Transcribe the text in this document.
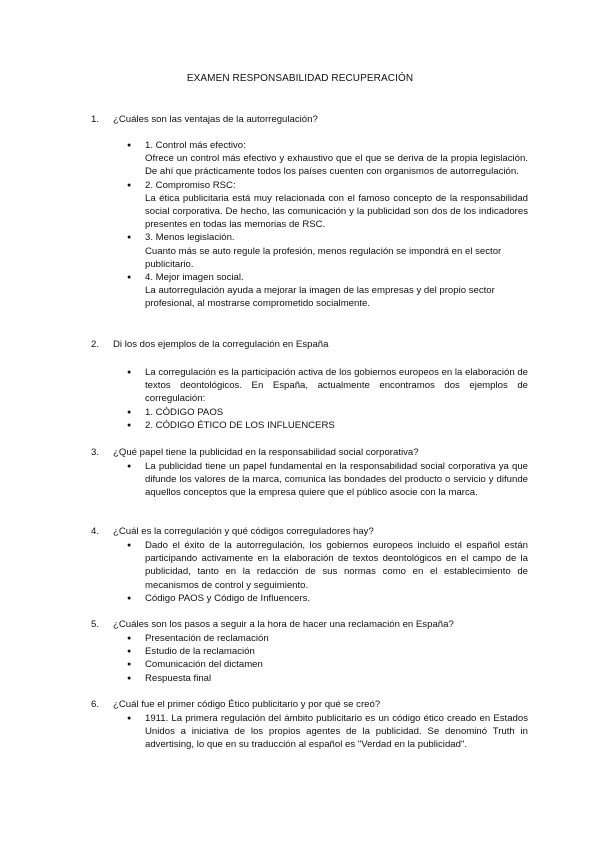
EXAMEN RESPONSABILIDAD RECUPERACIÓN
1. ¿Cuáles son las ventajas de la autorregulación?
● 1. Control más efectivo:
Ofrece un control más efectivo y exhaustivo que el que se deriva de la propia legislación. De ahí que prácticamente todos los países cuenten con organismos de autorregulación.
● 2. Compromiso RSC:
La ética publicitaria está muy relacionada con el famoso concepto de la responsabilidad social corporativa. De hecho, las comunicación y la publicidad son dos de los indicadores presentes en todas las memorias de RSC.
● 3. Menos legislación.
Cuanto más se auto regule la profesión, menos regulación se impondrá en el sector publicitario.
● 4. Mejor imagen social.
La autorregulación ayuda a mejorar la imagen de las empresas y del propio sector profesional, al mostrarse comprometido socialmente.
2. Di los dos ejemplos de la corregulación en España
● La corregulación es la participación activa de los gobiernos europeos en la elaboración de textos deontológicos. En España, actualmente encontramos dos ejemplos de corregulación:
● 1. CÓDIGO PAOS
● 2. CÓDIGO ÉTICO DE LOS INFLUENCERS
3. ¿Qué papel tiene la publicidad en la responsabilidad social corporativa?
● La publicidad tiene un papel fundamental en la responsabilidad social corporativa ya que difunde los valores de la marca, comunica las bondades del producto o servicio y difunde aquellos conceptos que la empresa quiere que el público asocie con la marca.
4. ¿Cuál es la corregulación y qué códigos correguladores hay?
● Dado el éxito de la autorregulación, los gobiernos europeos incluido el español están participando activamente en la elaboración de textos deontológicos en el campo de la publicidad, tanto en la redacción de sus normas como en el establecimiento de mecanismos de control y seguimiento.
● Código PAOS y Código de Influencers.
5. ¿Cuáles son los pasos a seguir a la hora de hacer una reclamación en España?
● Presentación de reclamación
● Estudio de la reclamación
● Comunicación del dictamen
● Respuesta final
6. ¿Cuál fue el primer código Ético publicitario y por qué se creó?
● 1911. La primera regulación del ámbito publicitario es un código ético creado en Estados Unidos a iniciativa de los propios agentes de la publicidad. Se denominó Truth in advertising, lo que en su traducción al español es "Verdad en la publicidad".
